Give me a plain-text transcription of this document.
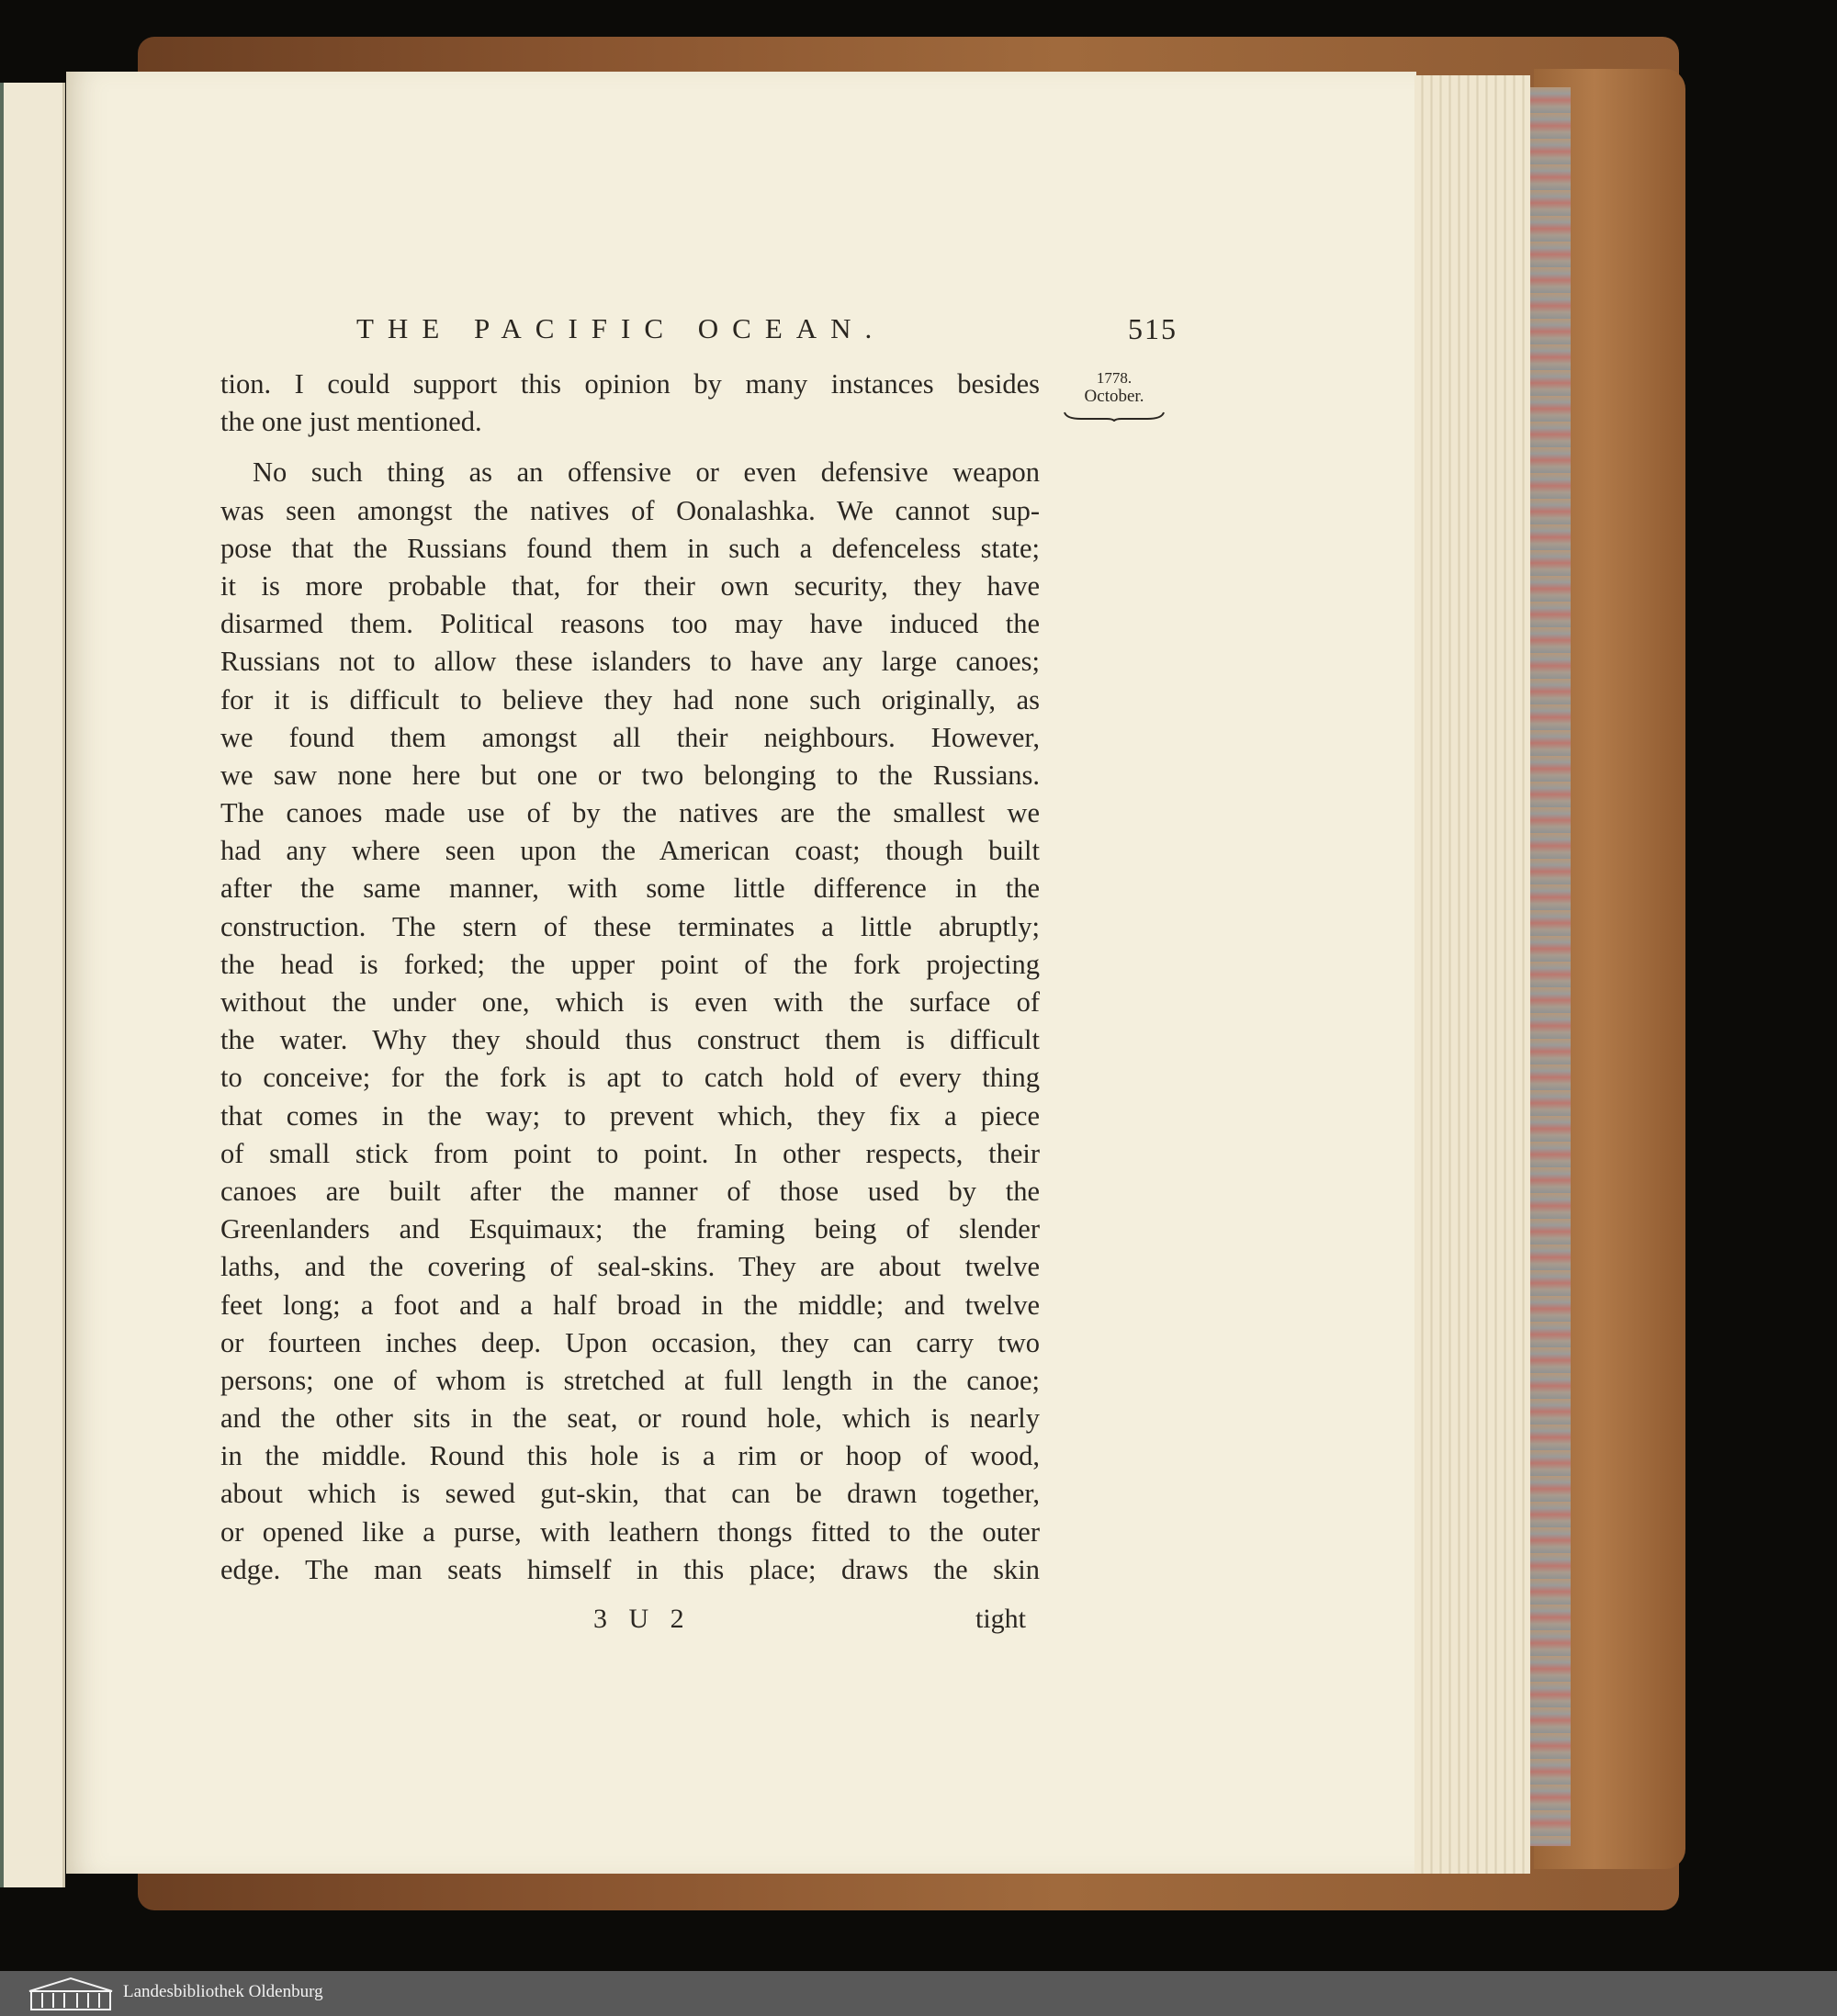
THE PACIFIC OCEAN.	515
1778.
October.
tion. I could support this opinion by many instances besides
the one just mentioned.
No such thing as an offensive or even defensive weapon
was seen amongst the natives of Oonalashka. We cannot sup-
pose that the Russians found them in such a defenceless state;
it is more probable that, for their own security, they have
disarmed them. Political reasons too may have induced the
Russians not to allow these islanders to have any large canoes;
for it is difficult to believe they had none such originally, as
we found them amongst all their neighbours. However,
we saw none here but one or two belonging to the Russians.
The canoes made use of by the natives are the smallest we
had any where seen upon the American coast; though built
after the same manner, with some little difference in the
construction. The stern of these terminates a little abruptly;
the head is forked; the upper point of the fork projecting
without the under one, which is even with the surface of
the water. Why they should thus construct them is difficult
to conceive; for the fork is apt to catch hold of every thing
that comes in the way; to prevent which, they fix a piece
of small stick from point to point. In other respects, their
canoes are built after the manner of those used by the
Greenlanders and Esquimaux; the framing being of slender
laths, and the covering of seal-skins. They are about twelve
feet long; a foot and a half broad in the middle; and twelve
or fourteen inches deep. Upon occasion, they can carry two
persons; one of whom is stretched at full length in the canoe;
and the other sits in the seat, or round hole, which is nearly
in the middle. Round this hole is a rim or hoop of wood,
about which is sewed gut-skin, that can be drawn together,
or opened like a purse, with leathern thongs fitted to the outer
edge. The man seats himself in this place; draws the skin
3 U 2	tight
Landesbibliothek Oldenburg
